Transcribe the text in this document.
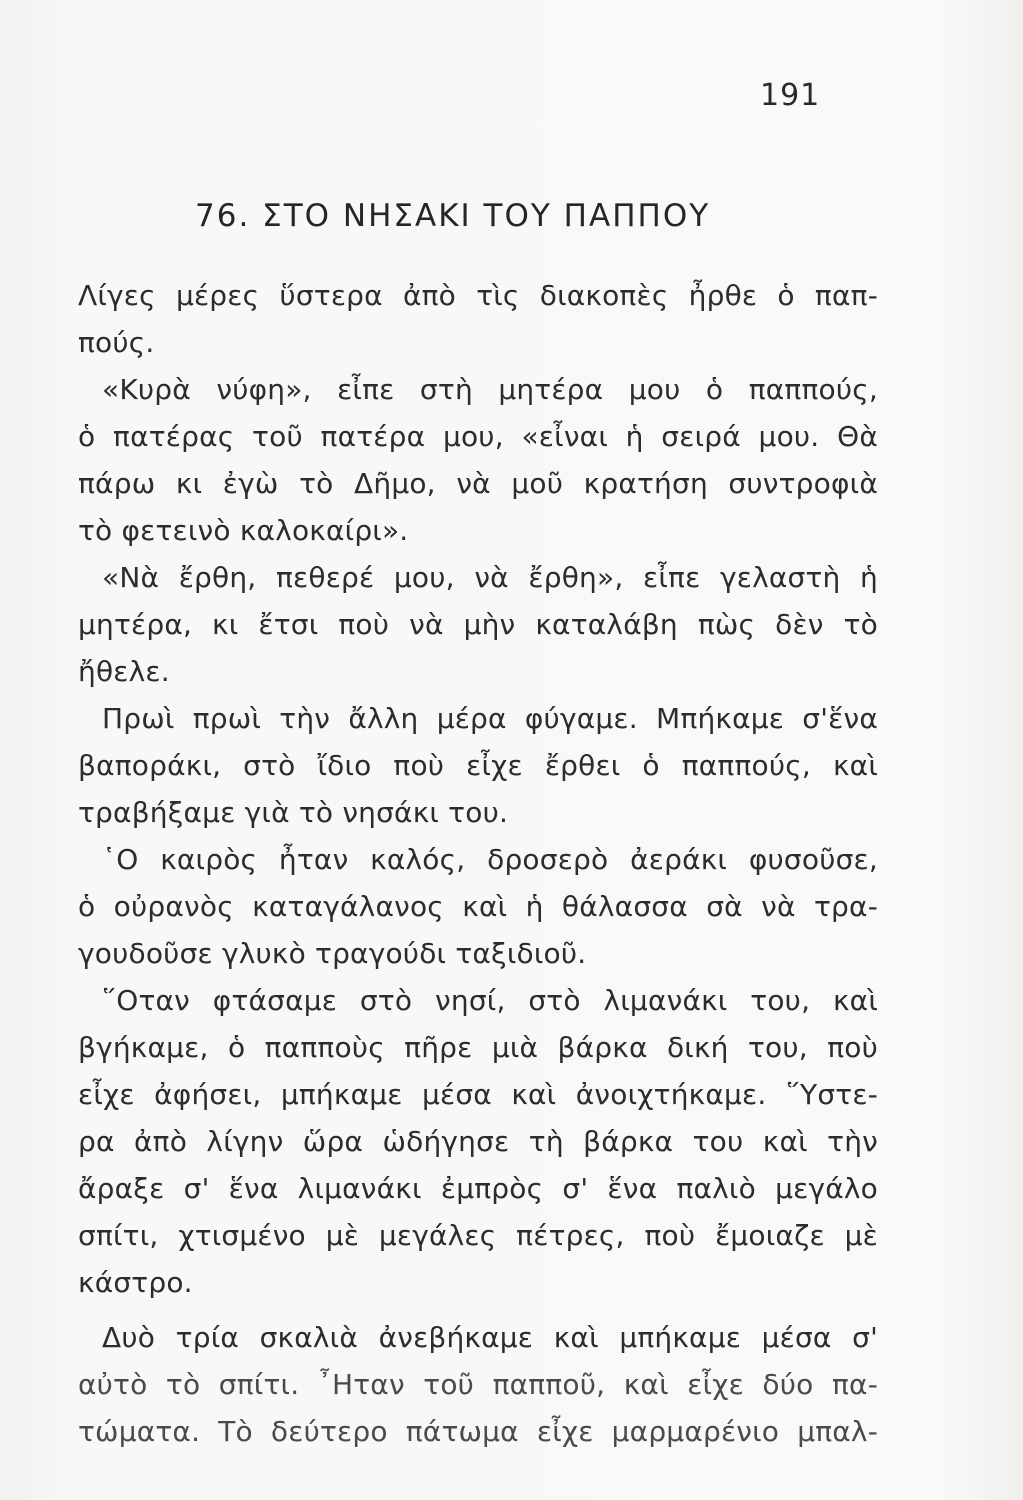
191
76. ΣΤΟ ΝΗΣΑΚΙ ΤΟΥ ΠΑΠΠΟΥ
Λίγες μέρες ὕστερα ἀπὸ τὶς διακοπὲς ἦρθε ὁ παπ-
πούς.
«Κυρὰ νύφη», εἶπε στὴ μητέρα μου ὁ παππούς,
ὁ πατέρας τοῦ πατέρα μου, «εἶναι ἡ σειρά μου. Θὰ
πάρω κι ἐγὼ τὸ Δῆμο, νὰ μοῦ κρατήση συντροφιὰ
τὸ φετεινὸ καλοκαίρι».
«Νὰ ἔρθη, πεθερέ μου, νὰ ἔρθη», εἶπε γελαστὴ ἡ
μητέρα, κι ἔτσι ποὺ νὰ μὴν καταλάβη πὼς δὲν τὸ
ἤθελε.
Πρωὶ πρωὶ τὴν ἄλλη μέρα φύγαμε. Μπήκαμε σ'ἕνα
βαποράκι, στὸ ἴδιο ποὺ εἶχε ἔρθει ὁ παππούς, καὶ
τραβήξαμε γιὰ τὸ νησάκι του.
῾Ο καιρὸς ἦταν καλός, δροσερὸ ἀεράκι φυσοῦσε,
ὁ οὐρανὸς καταγάλανος καὶ ἡ θάλασσα σὰ νὰ τρα-
γουδοῦσε γλυκὸ τραγούδι ταξιδιοῦ.
῞Οταν φτάσαμε στὸ νησί, στὸ λιμανάκι του, καὶ
βγήκαμε, ὁ παπποὺς πῆρε μιὰ βάρκα δική του, ποὺ
εἶχε ἀφήσει, μπήκαμε μέσα καὶ ἀνοιχτήκαμε. ῞Υστε-
ρα ἀπὸ λίγην ὥρα ὡδήγησε τὴ βάρκα του καὶ τὴν
ἄραξε σ' ἕνα λιμανάκι ἐμπρὸς σ' ἕνα παλιὸ μεγάλο
σπίτι, χτισμένο μὲ μεγάλες πέτρες, ποὺ ἔμοιαζε μὲ
κάστρο.
Δυὸ τρία σκαλιὰ ἀνεβήκαμε καὶ μπήκαμε μέσα σ'
αὐτὸ τὸ σπίτι. ῏Ηταν τοῦ παπποῦ, καὶ εἶχε δύο πα-
τώματα. Τὸ δεύτερο πάτωμα εἶχε μαρμαρένιο μπαλ-
